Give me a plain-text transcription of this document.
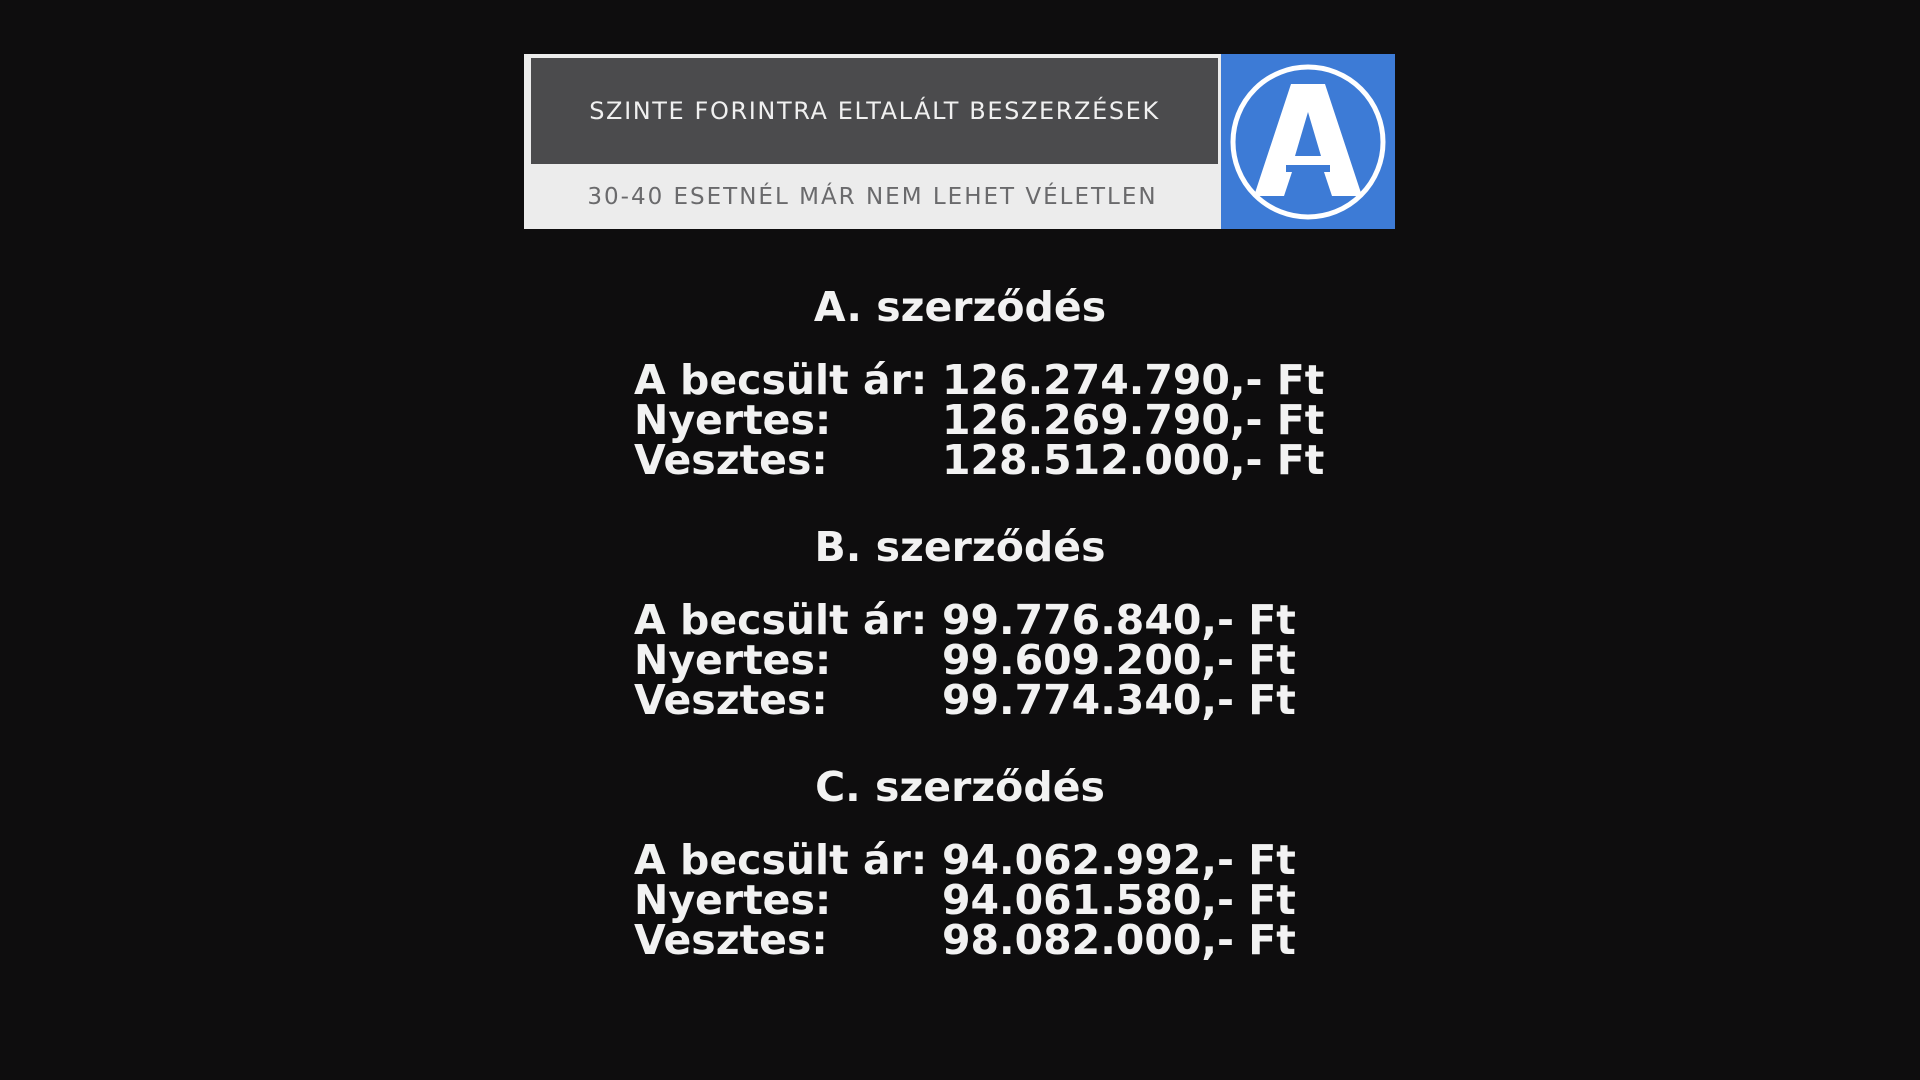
SZINTE FORINTRA ELTALÁLT BESZERZÉSEK
30-40 ESETNÉL MÁR NEM LEHET VÉLETLEN
A. szerződés
A becsült ár: 126.274.790,- Ft
Nyertes:	126.269.790,- Ft
Vesztes:	128.512.000,- Ft
B. szerződés
A becsült ár: 99.776.840,- Ft
Nyertes:	99.609.200,- Ft
Vesztes:	99.774.340,- Ft
C. szerződés
A becsült ár: 94.062.992,- Ft
Nyertes:	94.061.580,- Ft
Vesztes:	98.082.000,- Ft
